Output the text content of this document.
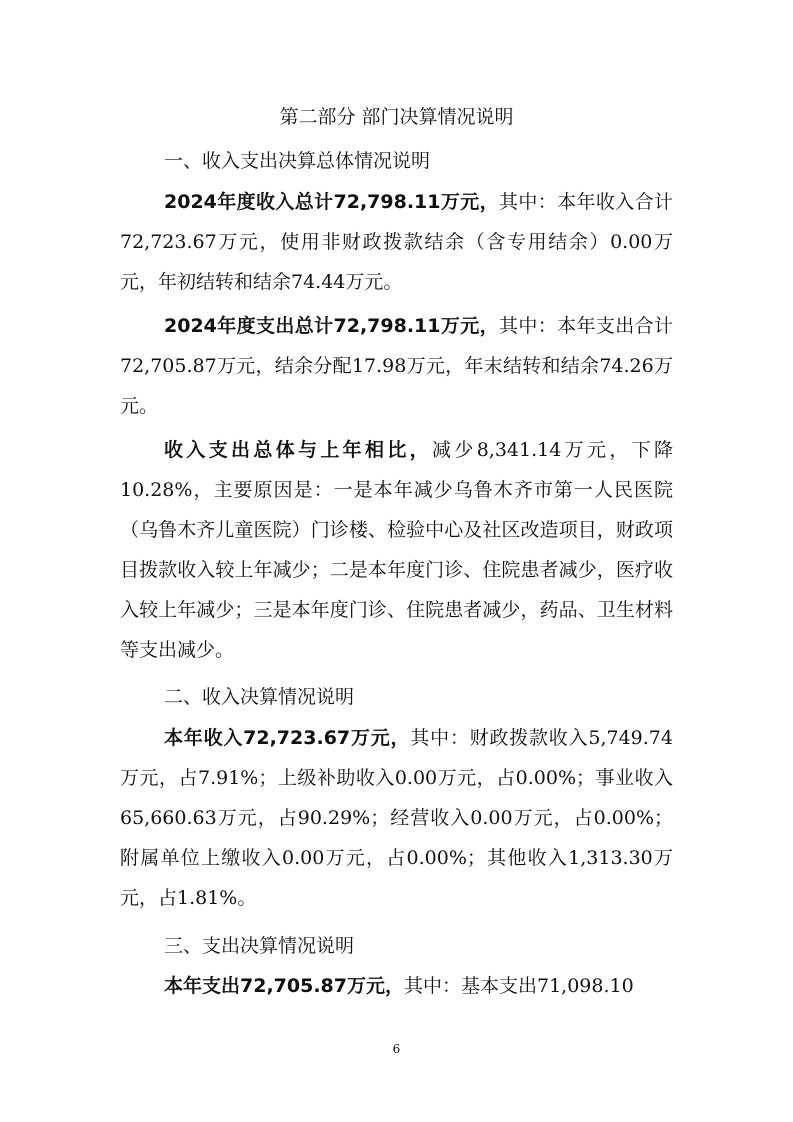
第二部分 部门决算情况说明
一、收入支出决算总体情况说明
2024年度收入总计72,798.11万元，其中：本年收入合计72,723.67万元，使用非财政拨款结余（含专用结余）0.00万元，年初结转和结余74.44万元。
2024年度支出总计72,798.11万元，其中：本年支出合计72,705.87万元，结余分配17.98万元，年末结转和结余74.26万元。
收入支出总体与上年相比，减少8,341.14万元，下降10.28%，主要原因是：一是本年减少乌鲁木齐市第一人民医院（乌鲁木齐儿童医院）门诊楼、检验中心及社区改造项目，财政项目拨款收入较上年减少；二是本年度门诊、住院患者减少，医疗收入较上年减少；三是本年度门诊、住院患者减少，药品、卫生材料等支出减少。
二、收入决算情况说明
本年收入72,723.67万元，其中：财政拨款收入5,749.74万元，占7.91%；上级补助收入0.00万元，占0.00%；事业收入65,660.63万元，占90.29%；经营收入0.00万元，占0.00%；附属单位上缴收入0.00万元，占0.00%；其他收入1,313.30万元，占1.81%。
三、支出决算情况说明
本年支出72,705.87万元，其中：基本支出71,098.10
6
